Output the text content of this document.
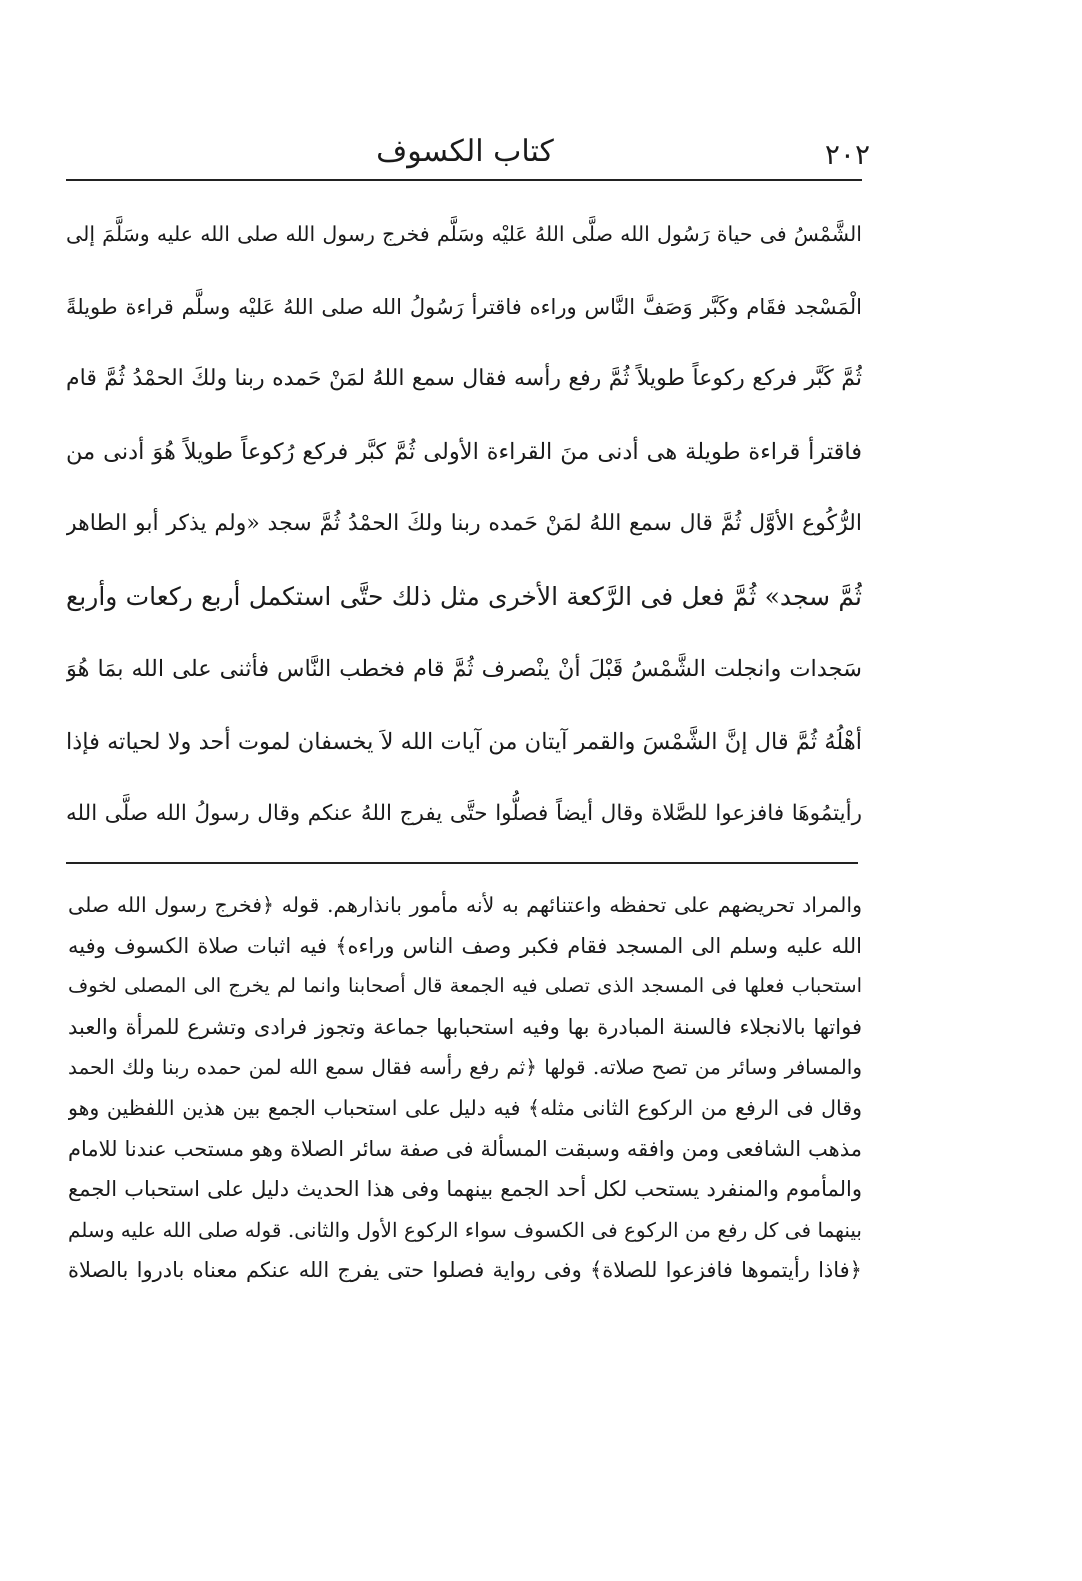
٢٠٢
كتاب الكسوف
الشَّمْسُ فى حياة رَسُول الله صلَّى اللهُ عَليْه وسَلَّم فخرج رسول الله صلى الله عليه وسَلَّمَ إلى
الْمَسْجد فقَام وكَبَّر وَصَفَّ النَّاس وراءه فاقترأ رَسُولُ الله صلى اللهُ عَليْه وسلَّم قراءة طويلةً
ثُمَّ كَبَّر فركع ركوعاً طويلاً ثُمَّ رفع رأسه فقال سمع اللهُ لمَنْ حَمده ربنا ولكَ الحمْدُ ثُمَّ قام
فاقترأ قراءة طويلة هى أدنى منَ القراءة الأولى ثُمَّ كبَّر فركع رُكوعاً طويلاً هُوَ أدنى من
الرُّكُوع الأوَّل ثُمَّ قال سمع اللهُ لمَنْ حَمده ربنا ولكَ الحمْدُ ثُمَّ سجد «ولم يذكر أبو الطاهر
ثُمَّ سجد» ثُمَّ فعل فى الرَّكعة الأخرى مثل ذلك حتَّى استكمل أربع ركعات وأربع
سَجدات وانجلت الشَّمْسُ قَبْلَ أنْ ينْصرف ثُمَّ قام فخطب النَّاس فأثنى على الله بمَا هُوَ
أهْلُهُ ثُمَّ قال إنَّ الشَّمْسَ والقمر آيتان من آيات الله لاَ يخسفان لموت أحد ولا لحياته فإذا
رأيتمُوهَا فافزعوا للصَّلاة وقال أيضاً فصلُّوا حتَّى يفرج اللهُ عنكم وقال رسولُ الله صلَّى الله
والمراد تحريضهم على تحفظه واعتنائهم به لأنه مأمور بانذارهم. قوله ﴿فخرج رسول الله صلى
الله عليه وسلم الى المسجد فقام فكبر وصف الناس وراءه﴾ فيه اثبات صلاة الكسوف وفيه
استحباب فعلها فى المسجد الذى تصلى فيه الجمعة قال أصحابنا وانما لم يخرج الى المصلى لخوف
فواتها بالانجلاء فالسنة المبادرة بها وفيه استحبابها جماعة وتجوز فرادى وتشرع للمرأة والعبد
والمسافر وسائر من تصح صلاته. قولها ﴿ثم رفع رأسه فقال سمع الله لمن حمده ربنا ولك الحمد
وقال فى الرفع من الركوع الثانى مثله﴾ فيه دليل على استحباب الجمع بين هذين اللفظين وهو
مذهب الشافعى ومن وافقه وسبقت المسألة فى صفة سائر الصلاة وهو مستحب عندنا للامام
والمأموم والمنفرد يستحب لكل أحد الجمع بينهما وفى هذا الحديث دليل على استحباب الجمع
بينهما فى كل رفع من الركوع فى الكسوف سواء الركوع الأول والثانى. قوله صلى الله عليه وسلم
﴿فاذا رأيتموها فافزعوا للصلاة﴾ وفى رواية فصلوا حتى يفرج الله عنكم معناه بادروا بالصلاة
